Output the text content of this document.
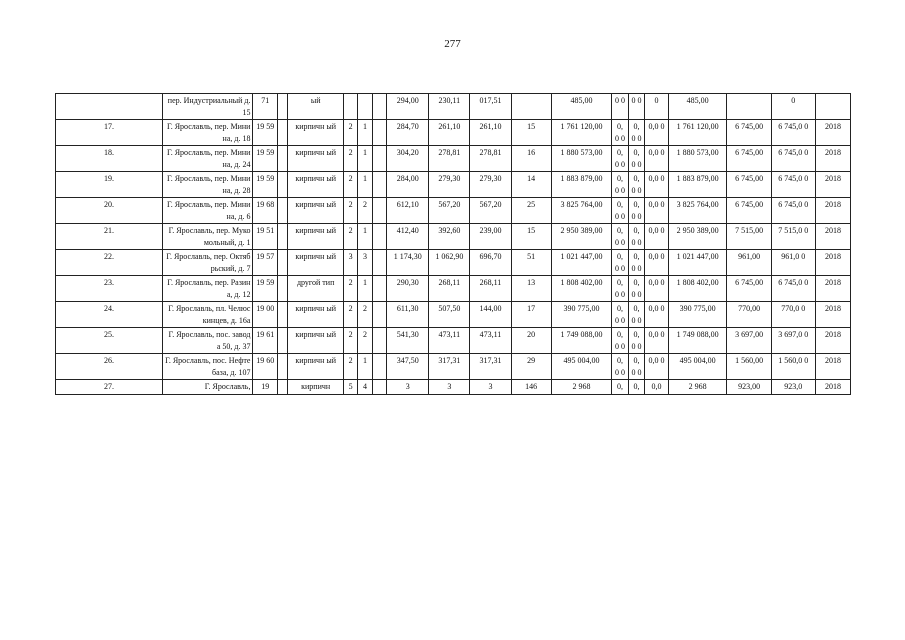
277
	пер. Индустриальный д. 15	71		ый				294,00	230,11	017,51		485,00	0 0	0 0	0	485,00		0	
17.	Г. Ярославль, пер. Минина, д. 18	19 59		кирпичн ый	2	1		284,70	261,10	261,10	15	1 761 120,00	0, 0 0	0, 0 0	0,0 0	1 761 120,00	6 745,00	6 745,0 0	2018
18.	Г. Ярославль, пер. Минина, д. 24	19 59		кирпичн ый	2	1		304,20	278,81	278,81	16	1 880 573,00	0, 0 0	0, 0 0	0,0 0	1 880 573,00	6 745,00	6 745,0 0	2018
19.	Г. Ярославль, пер. Минина, д. 28	19 59		кирпичн ый	2	1		284,00	279,30	279,30	14	1 883 879,00	0, 0 0	0, 0 0	0,0 0	1 883 879,00	6 745,00	6 745,0 0	2018
20.	Г. Ярославль, пер. Минина, д. 6	19 68		кирпичн ый	2	2		612,10	567,20	567,20	25	3 825 764,00	0, 0 0	0, 0 0	0,0 0	3 825 764,00	6 745,00	6 745,0 0	2018
21.	Г. Ярославль, пер. Мукомольный, д. 1	19 51		кирпичн ый	2	1		412,40	392,60	239,00	15	2 950 389,00	0, 0 0	0, 0 0	0,0 0	2 950 389,00	7 515,00	7 515,0 0	2018
22.	Г. Ярославль, пер. Октябрьский, д. 7	19 57		кирпичн ый	3	3		1 174,30	1 062,90	696,70	51	1 021 447,00	0, 0 0	0, 0 0	0,0 0	1 021 447,00	961,00	961,0 0	2018
23.	Г. Ярославль, пер. Разина, д. 12	19 59		другой тип	2	1		290,30	268,11	268,11	13	1 808 402,00	0, 0 0	0, 0 0	0,0 0	1 808 402,00	6 745,00	6 745,0 0	2018
24.	Г. Ярославль, пл. Челюскинцев, д. 16а	19 00		кирпичн ый	2	2		611,30	507,50	144,00	17	390 775,00	0, 0 0	0, 0 0	0,0 0	390 775,00	770,00	770,0 0	2018
25.	Г. Ярославль, пос. завода 50, д. 37	19 61		кирпичн ый	2	2		541,30	473,11	473,11	20	1 749 088,00	0, 0 0	0, 0 0	0,0 0	1 749 088,00	3 697,00	3 697,0 0	2018
26.	Г. Ярославль, пос. Нефтебаза, д. 107	19 60		кирпичн ый	2	1		347,50	317,31	317,31	29	495 004,00	0, 0 0	0, 0 0	0,0 0	495 004,00	1 560,00	1 560,0 0	2018
27.	Г. Ярославль,	19		кирпичн	5	4		3	3	3	146	2 968	0,	0,	0,0	2 968	923,00	923,0	2018
